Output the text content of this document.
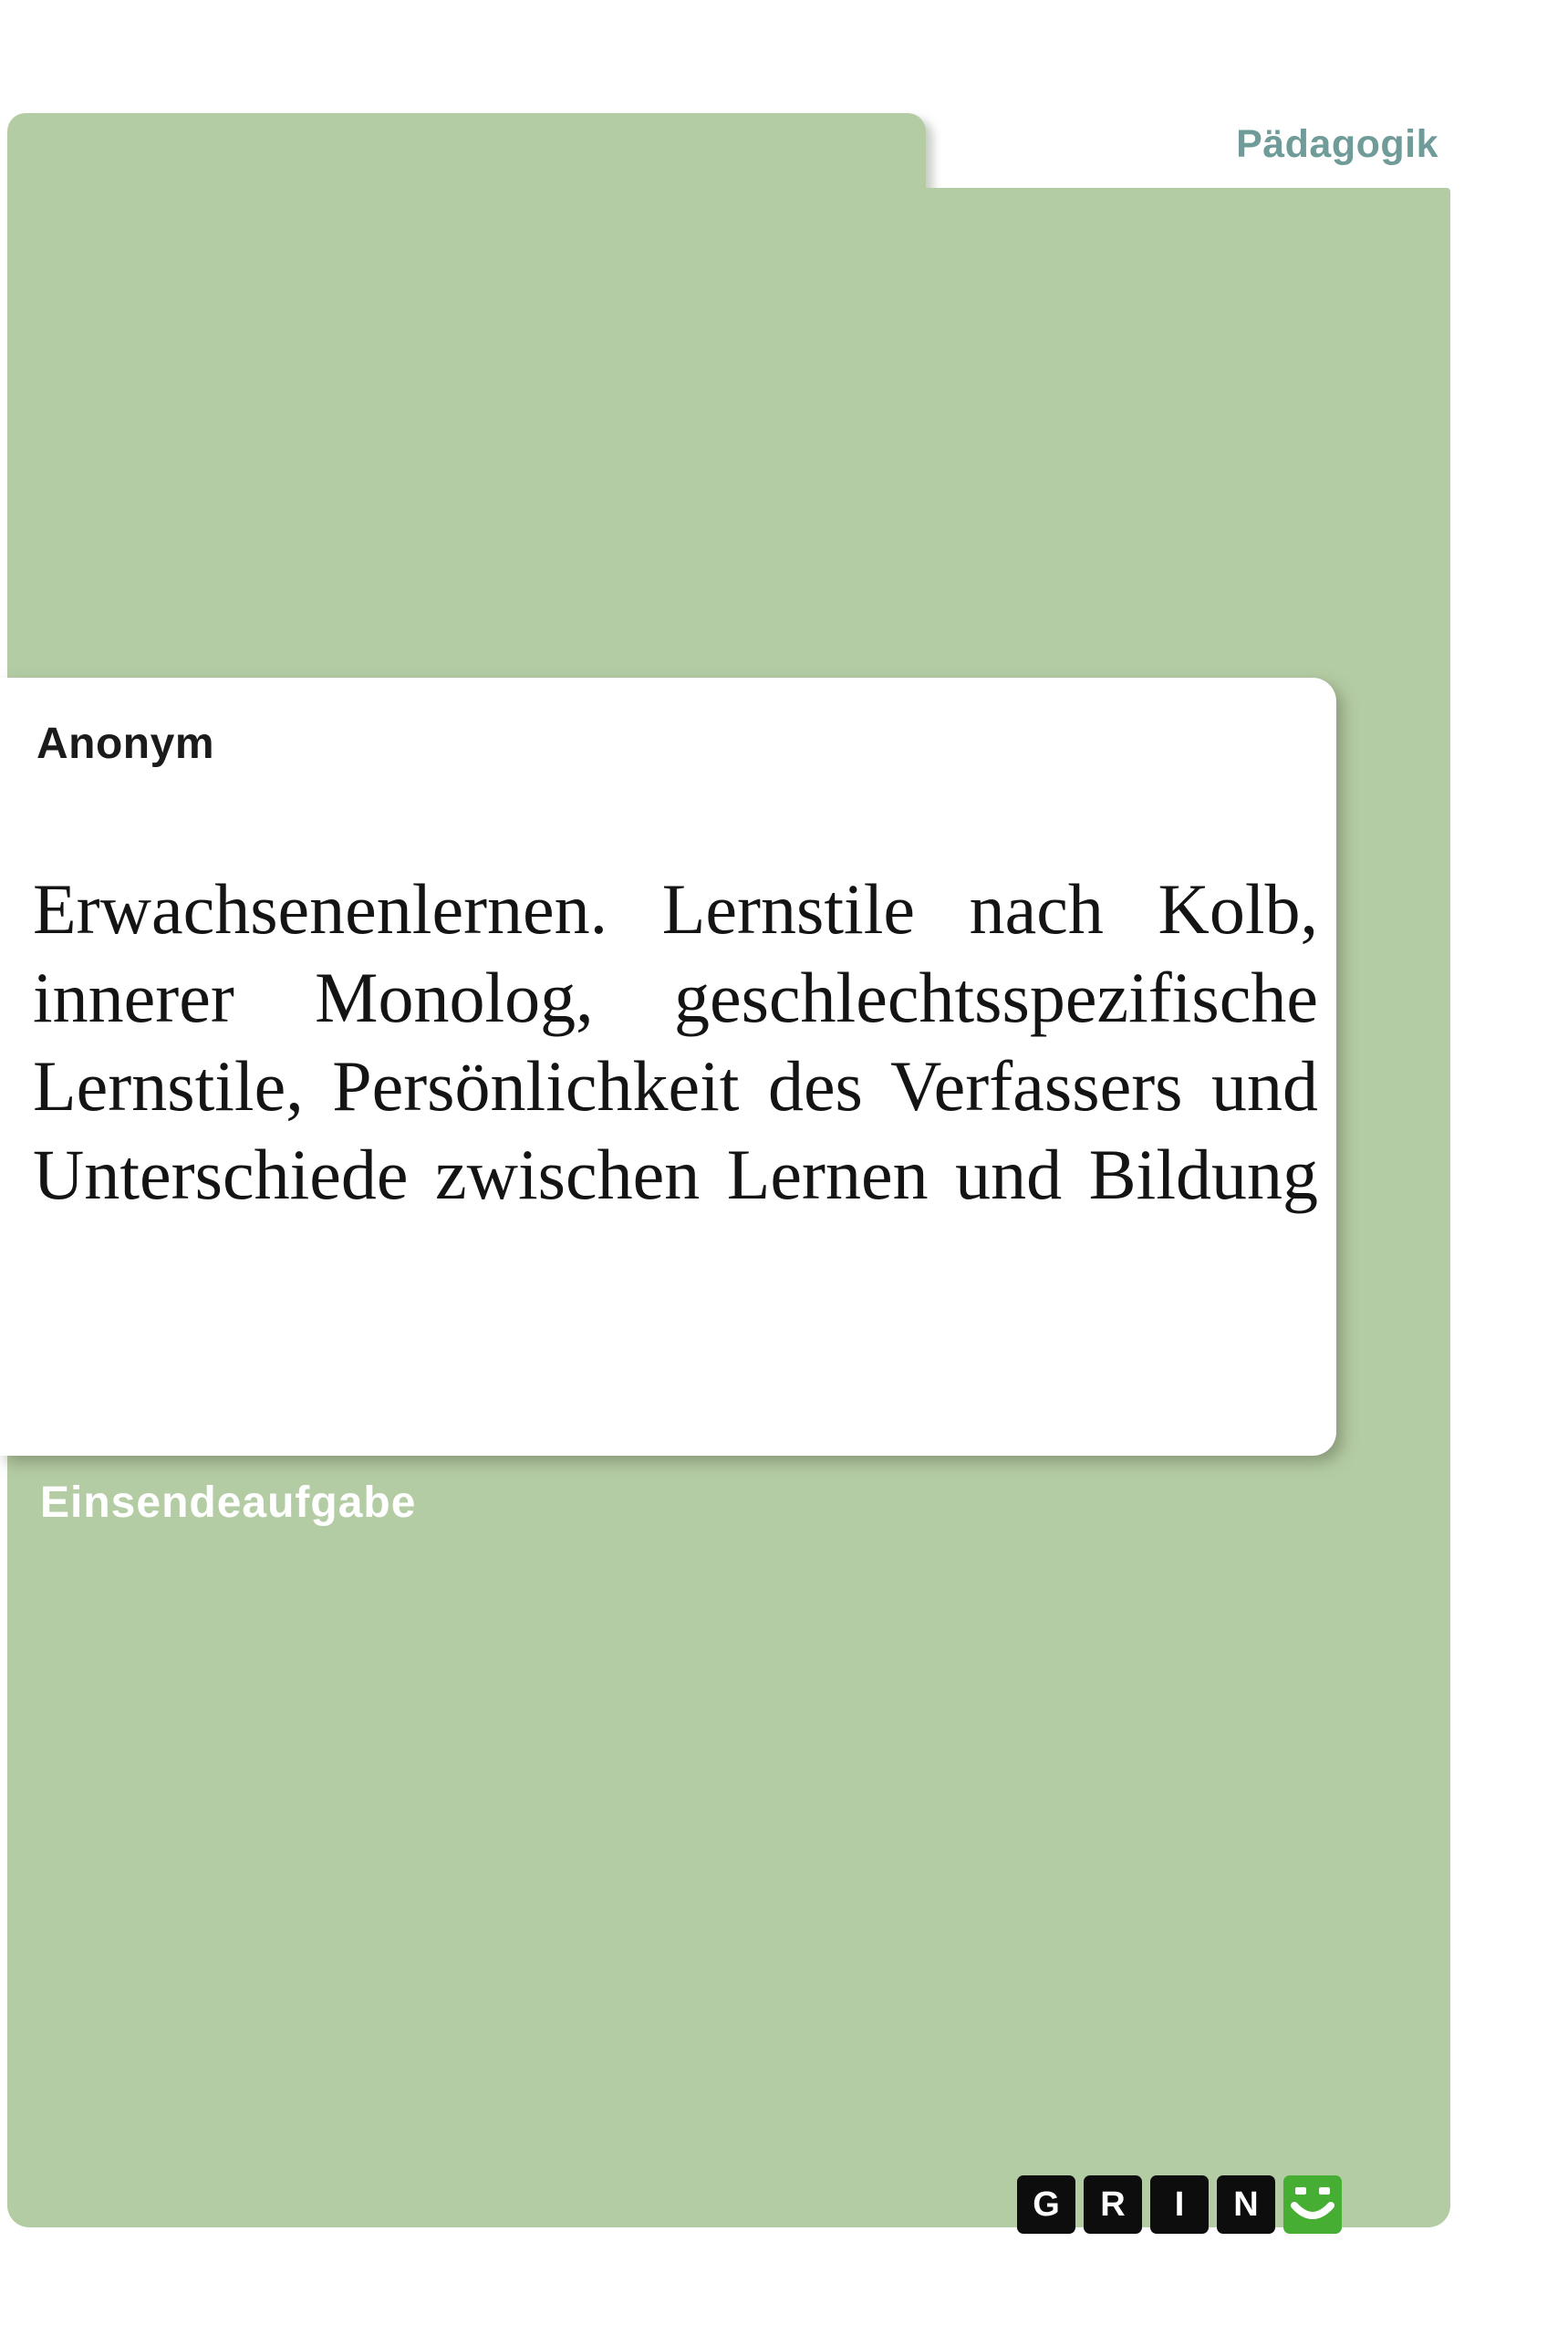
Pädagogik
Anonym
Erwachsenenlernen. Lernstile nach Kolb,
innerer Monolog, geschlechtsspezifische
Lernstile, Persönlichkeit des Verfassers und
Unterschiede zwischen Lernen und Bildung
Einsendeaufgabe
G	R	I	N
